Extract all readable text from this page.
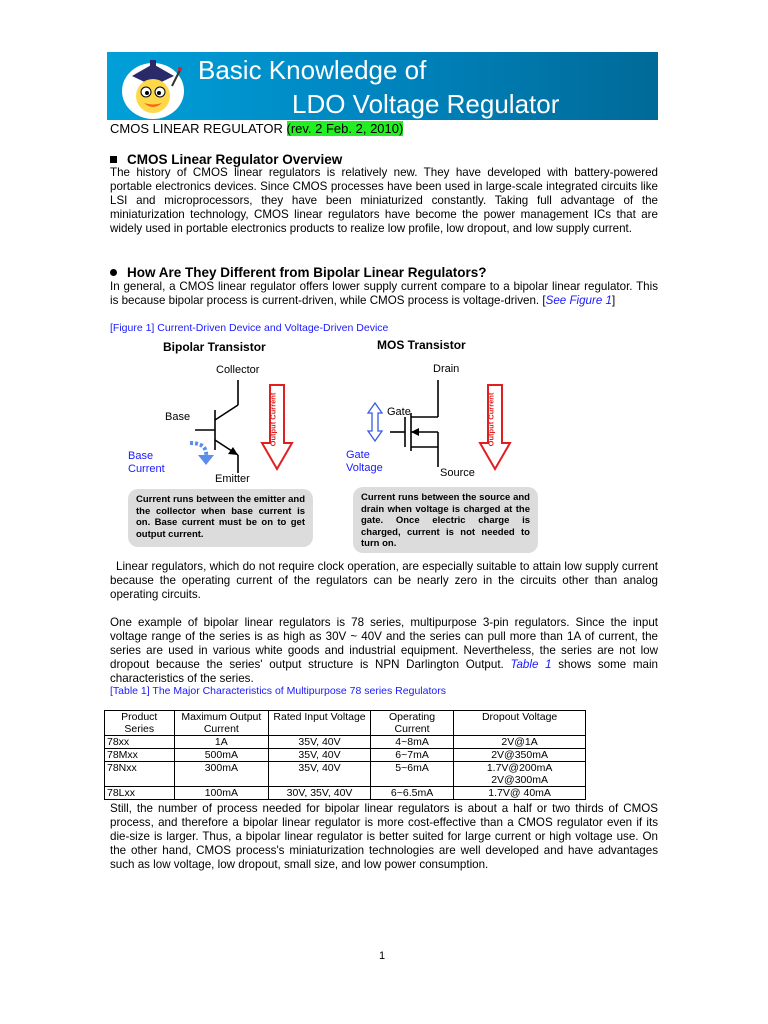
Basic Knowledge of
LDO Voltage Regulator
CMOS LINEAR REGULATOR (rev. 2 Feb. 2, 2010)
CMOS Linear Regulator Overview
The history of CMOS linear regulators is relatively new. They have developed with battery-powered portable electronics devices. Since CMOS processes have been used in large-scale integrated circuits like LSI and microprocessors, they have been miniaturized constantly. Taking full advantage of the miniaturization technology, CMOS linear regulators have become the power management ICs that are widely used in portable electronics products to realize low profile, low dropout, and low supply current.
How Are They Different from Bipolar Linear Regulators?
In general, a CMOS linear regulator offers lower supply current compare to a bipolar linear regulator. This is because bipolar process is current-driven, while CMOS process is voltage-driven. [See Figure 1]
[Figure 1] Current-Driven Device and Voltage-Driven Device
Bipolar Transistor	MOS Transistor
Collector
Base
Emitter
Base Current
Output Current
Drain
Gate
Source
Gate Voltage
Output Current
Current runs between the emitter and the collector when base current is on. Base current must be on to get output current.
Current runs between the source and drain when voltage is charged at the gate. Once electric charge is charged, current is not needed to turn on.
Linear regulators, which do not require clock operation, are especially suitable to attain low supply current because the operating current of the regulators can be nearly zero in the circuits other than analog operating circuits.
One example of bipolar linear regulators is 78 series, multipurpose 3-pin regulators. Since the input voltage range of the series is as high as 30V ~ 40V and the series can pull more than 1A of current, the series are used in various white goods and industrial equipment. Nevertheless, the series are not low dropout because the series' output structure is NPN Darlington Output. Table 1 shows some main characteristics of the series.
[Table 1] The Major Characteristics of Multipurpose 78 series Regulators
Product Series	Maximum Output Current	Rated Input Voltage	Operating Current	Dropout Voltage
78xx	1A	35V, 40V	4~8mA	2V@1A
78Mxx	500mA	35V, 40V	6~7mA	2V@350mA
78Nxx	300mA	35V, 40V	5~6mA	1.7V@200mA
2V@300mA
78Lxx	100mA	30V, 35V, 40V	6~6.5mA	1.7V@ 40mA
Still, the number of process needed for bipolar linear regulators is about a half or two thirds of CMOS process, and therefore a bipolar linear regulator is more cost-effective than a CMOS regulator even if its die-size is larger. Thus, a bipolar linear regulator is better suited for large current or high voltage use. On the other hand, CMOS process's miniaturization technologies are well developed and have advantages such as low voltage, low dropout, small size, and low power consumption.
1
